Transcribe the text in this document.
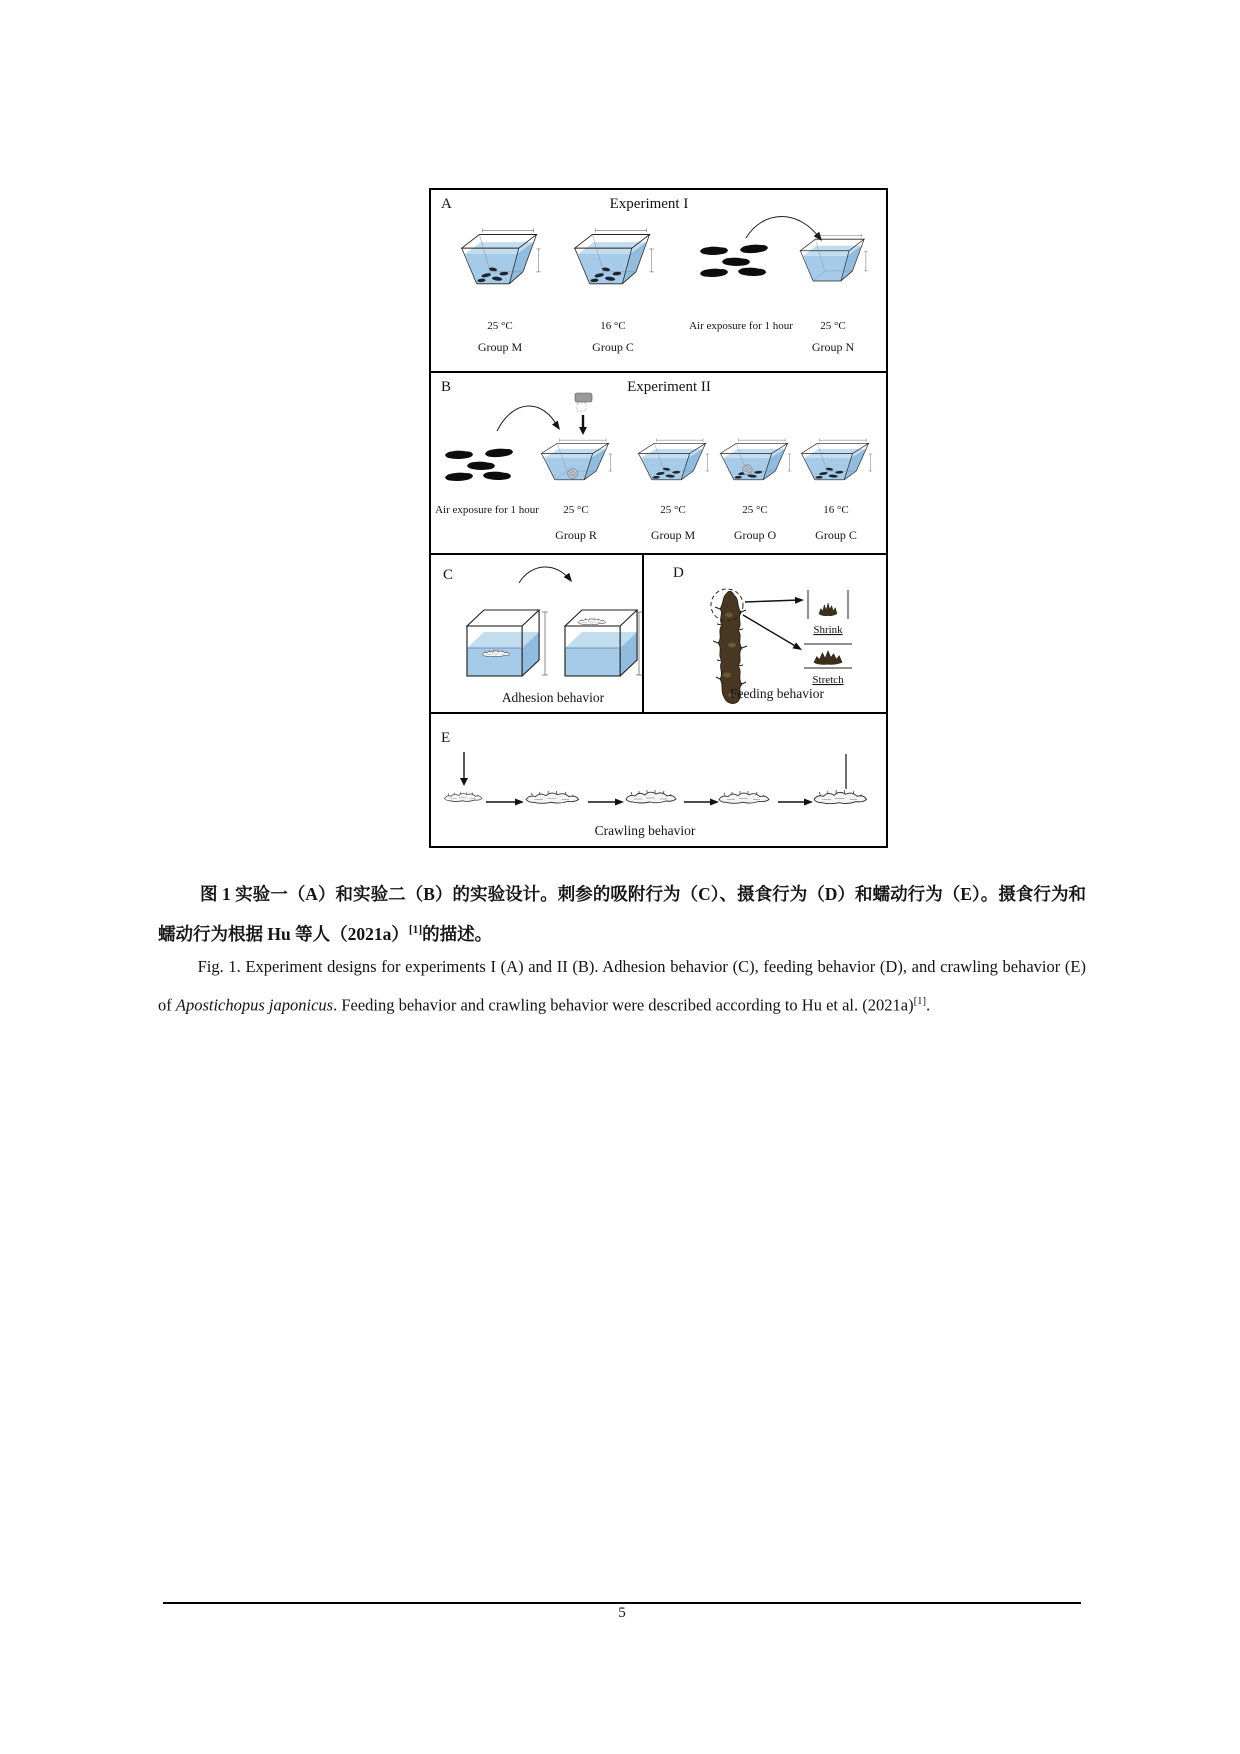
A	Experiment I
25 °C
Group M
16 °C
Group C
Air exposure for 1 hour 25 °C
Group N
B	Experiment II
Air exposure for 1 hour 25 °C
Group R
25 °C
Group M
25 °C
Group O
16 °C
Group C
C
Adhesion behavior
D
Shrink
Stretch
Feeding behavior
E
Crawling behavior

图 1 实验一（A）和实验二（B）的实验设计。刺参的吸附行为（C）、摄食行为（D）和蠕动行为（E）。摄食行为和蠕动行为根据 Hu 等人（2021a）[1]的描述。

Fig. 1. Experiment designs for experiments I (A) and II (B). Adhesion behavior (C), feeding behavior (D), and crawling behavior (E) of Apostichopus japonicus. Feeding behavior and crawling behavior were described according to Hu et al. (2021a)[1].

5
